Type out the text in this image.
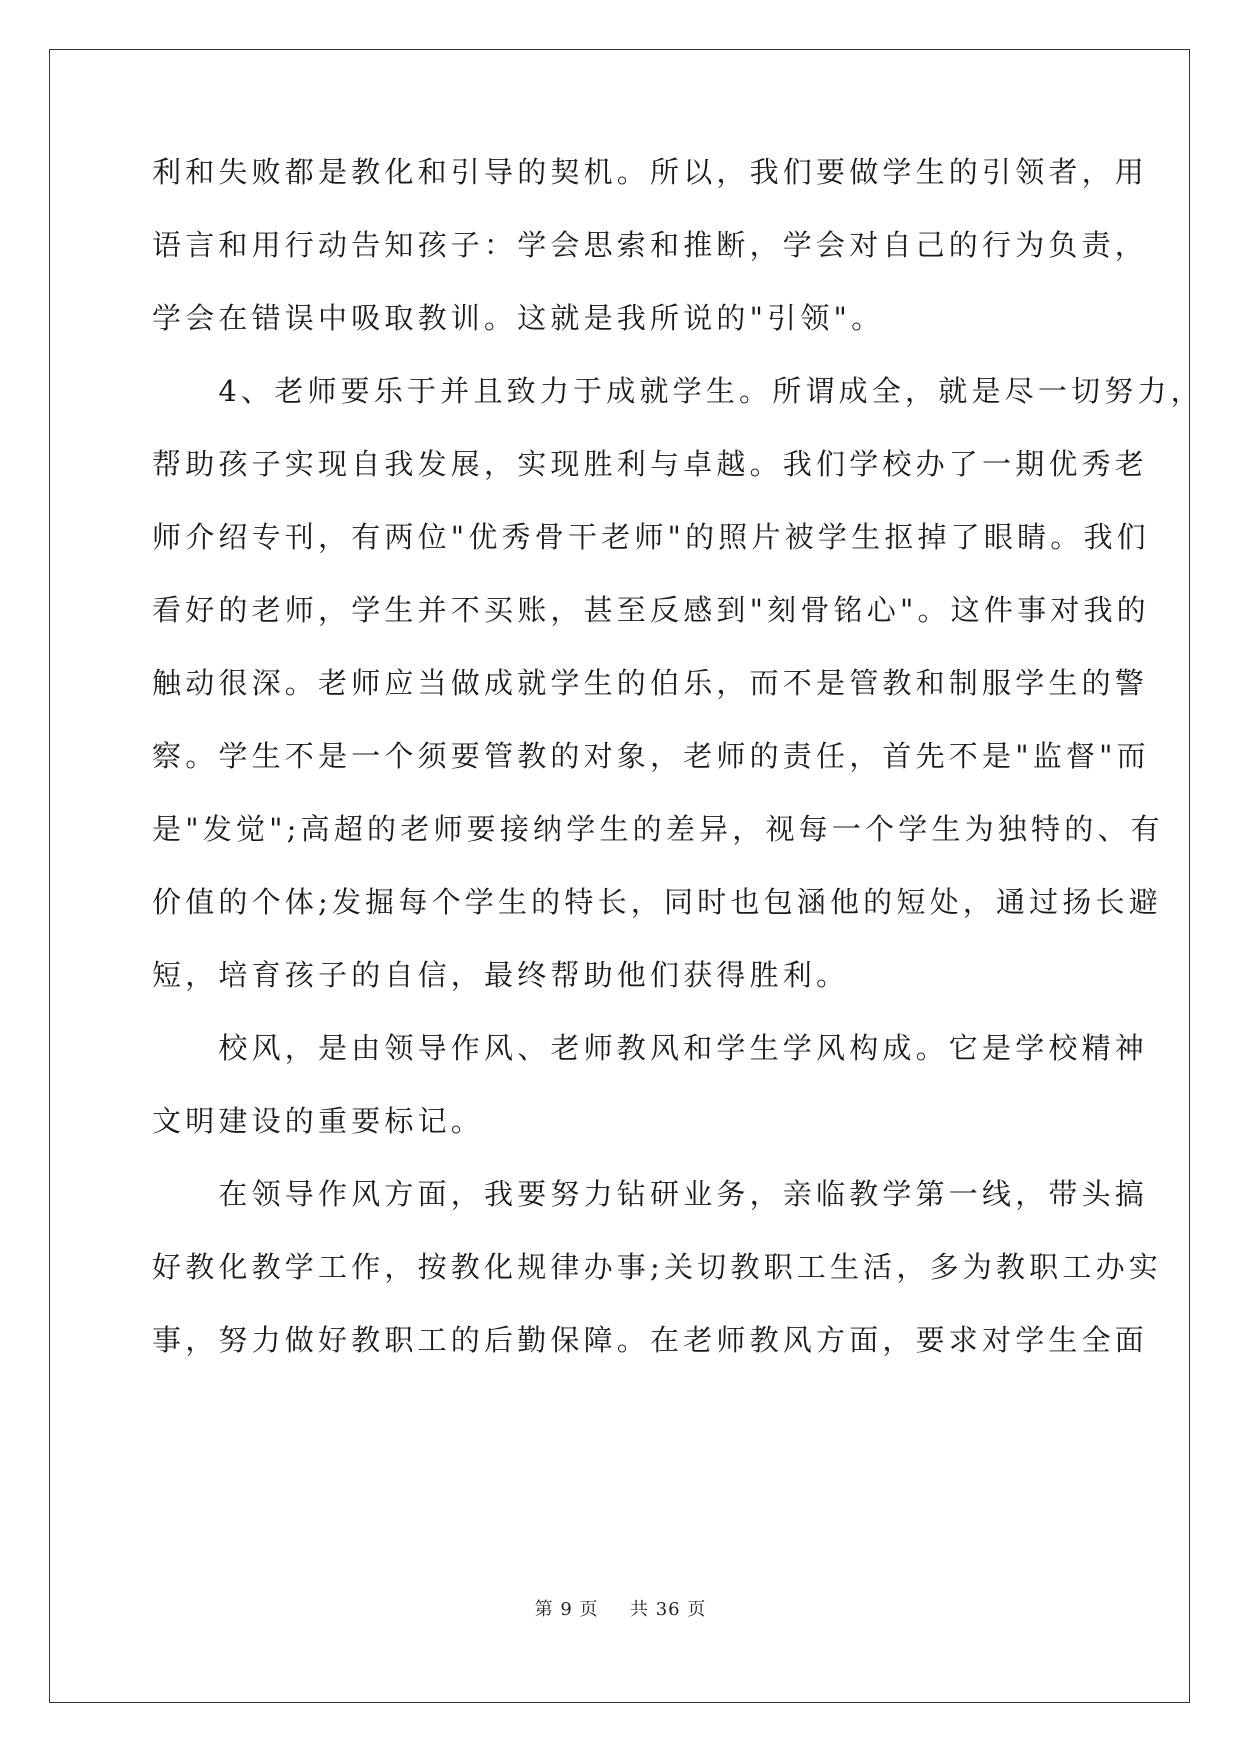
利和失败都是教化和引导的契机。所以，我们要做学生的引领者，用
语言和用行动告知孩子：学会思索和推断，学会对自己的行为负责，
学会在错误中吸取教训。这就是我所说的"引领"。
　　4、老师要乐于并且致力于成就学生。所谓成全，就是尽一切努力，
帮助孩子实现自我发展，实现胜利与卓越。我们学校办了一期优秀老
师介绍专刊，有两位"优秀骨干老师"的照片被学生抠掉了眼睛。我们
看好的老师，学生并不买账，甚至反感到"刻骨铭心"。这件事对我的
触动很深。老师应当做成就学生的伯乐，而不是管教和制服学生的警
察。学生不是一个须要管教的对象，老师的责任，首先不是"监督"而
是"发觉";高超的老师要接纳学生的差异，视每一个学生为独特的、有
价值的个体;发掘每个学生的特长，同时也包涵他的短处，通过扬长避
短，培育孩子的自信，最终帮助他们获得胜利。
　　校风，是由领导作风、老师教风和学生学风构成。它是学校精神
文明建设的重要标记。
　　在领导作风方面，我要努力钻研业务，亲临教学第一线，带头搞
好教化教学工作，按教化规律办事;关切教职工生活，多为教职工办实
事，努力做好教职工的后勤保障。在老师教风方面，要求对学生全面
第 9 页 共 36 页
